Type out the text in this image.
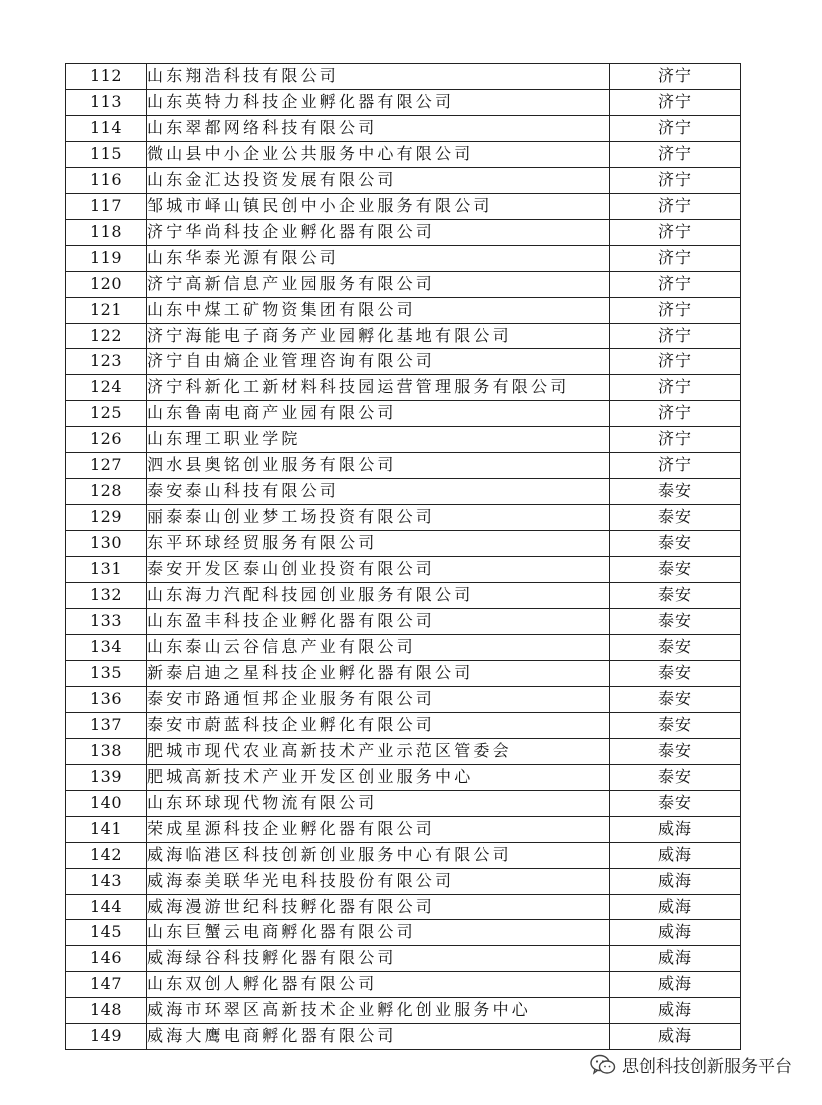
112	山东翔浩科技有限公司	济宁
113	山东英特力科技企业孵化器有限公司	济宁
114	山东翠都网络科技有限公司	济宁
115	微山县中小企业公共服务中心有限公司	济宁
116	山东金汇达投资发展有限公司	济宁
117	邹城市峄山镇民创中小企业服务有限公司	济宁
118	济宁华尚科技企业孵化器有限公司	济宁
119	山东华泰光源有限公司	济宁
120	济宁高新信息产业园服务有限公司	济宁
121	山东中煤工矿物资集团有限公司	济宁
122	济宁海能电子商务产业园孵化基地有限公司	济宁
123	济宁自由熵企业管理咨询有限公司	济宁
124	济宁科新化工新材料科技园运营管理服务有限公司	济宁
125	山东鲁南电商产业园有限公司	济宁
126	山东理工职业学院	济宁
127	泗水县奥铭创业服务有限公司	济宁
128	泰安泰山科技有限公司	泰安
129	丽泰泰山创业梦工场投资有限公司	泰安
130	东平环球经贸服务有限公司	泰安
131	泰安开发区泰山创业投资有限公司	泰安
132	山东海力汽配科技园创业服务有限公司	泰安
133	山东盈丰科技企业孵化器有限公司	泰安
134	山东泰山云谷信息产业有限公司	泰安
135	新泰启迪之星科技企业孵化器有限公司	泰安
136	泰安市路通恒邦企业服务有限公司	泰安
137	泰安市蔚蓝科技企业孵化有限公司	泰安
138	肥城市现代农业高新技术产业示范区管委会	泰安
139	肥城高新技术产业开发区创业服务中心	泰安
140	山东环球现代物流有限公司	泰安
141	荣成星源科技企业孵化器有限公司	威海
142	威海临港区科技创新创业服务中心有限公司	威海
143	威海泰美联华光电科技股份有限公司	威海
144	威海漫游世纪科技孵化器有限公司	威海
145	山东巨蟹云电商孵化器有限公司	威海
146	威海绿谷科技孵化器有限公司	威海
147	山东双创人孵化器有限公司	威海
148	威海市环翠区高新技术企业孵化创业服务中心	威海
149	威海大鹰电商孵化器有限公司	威海
思创科技创新服务平台
